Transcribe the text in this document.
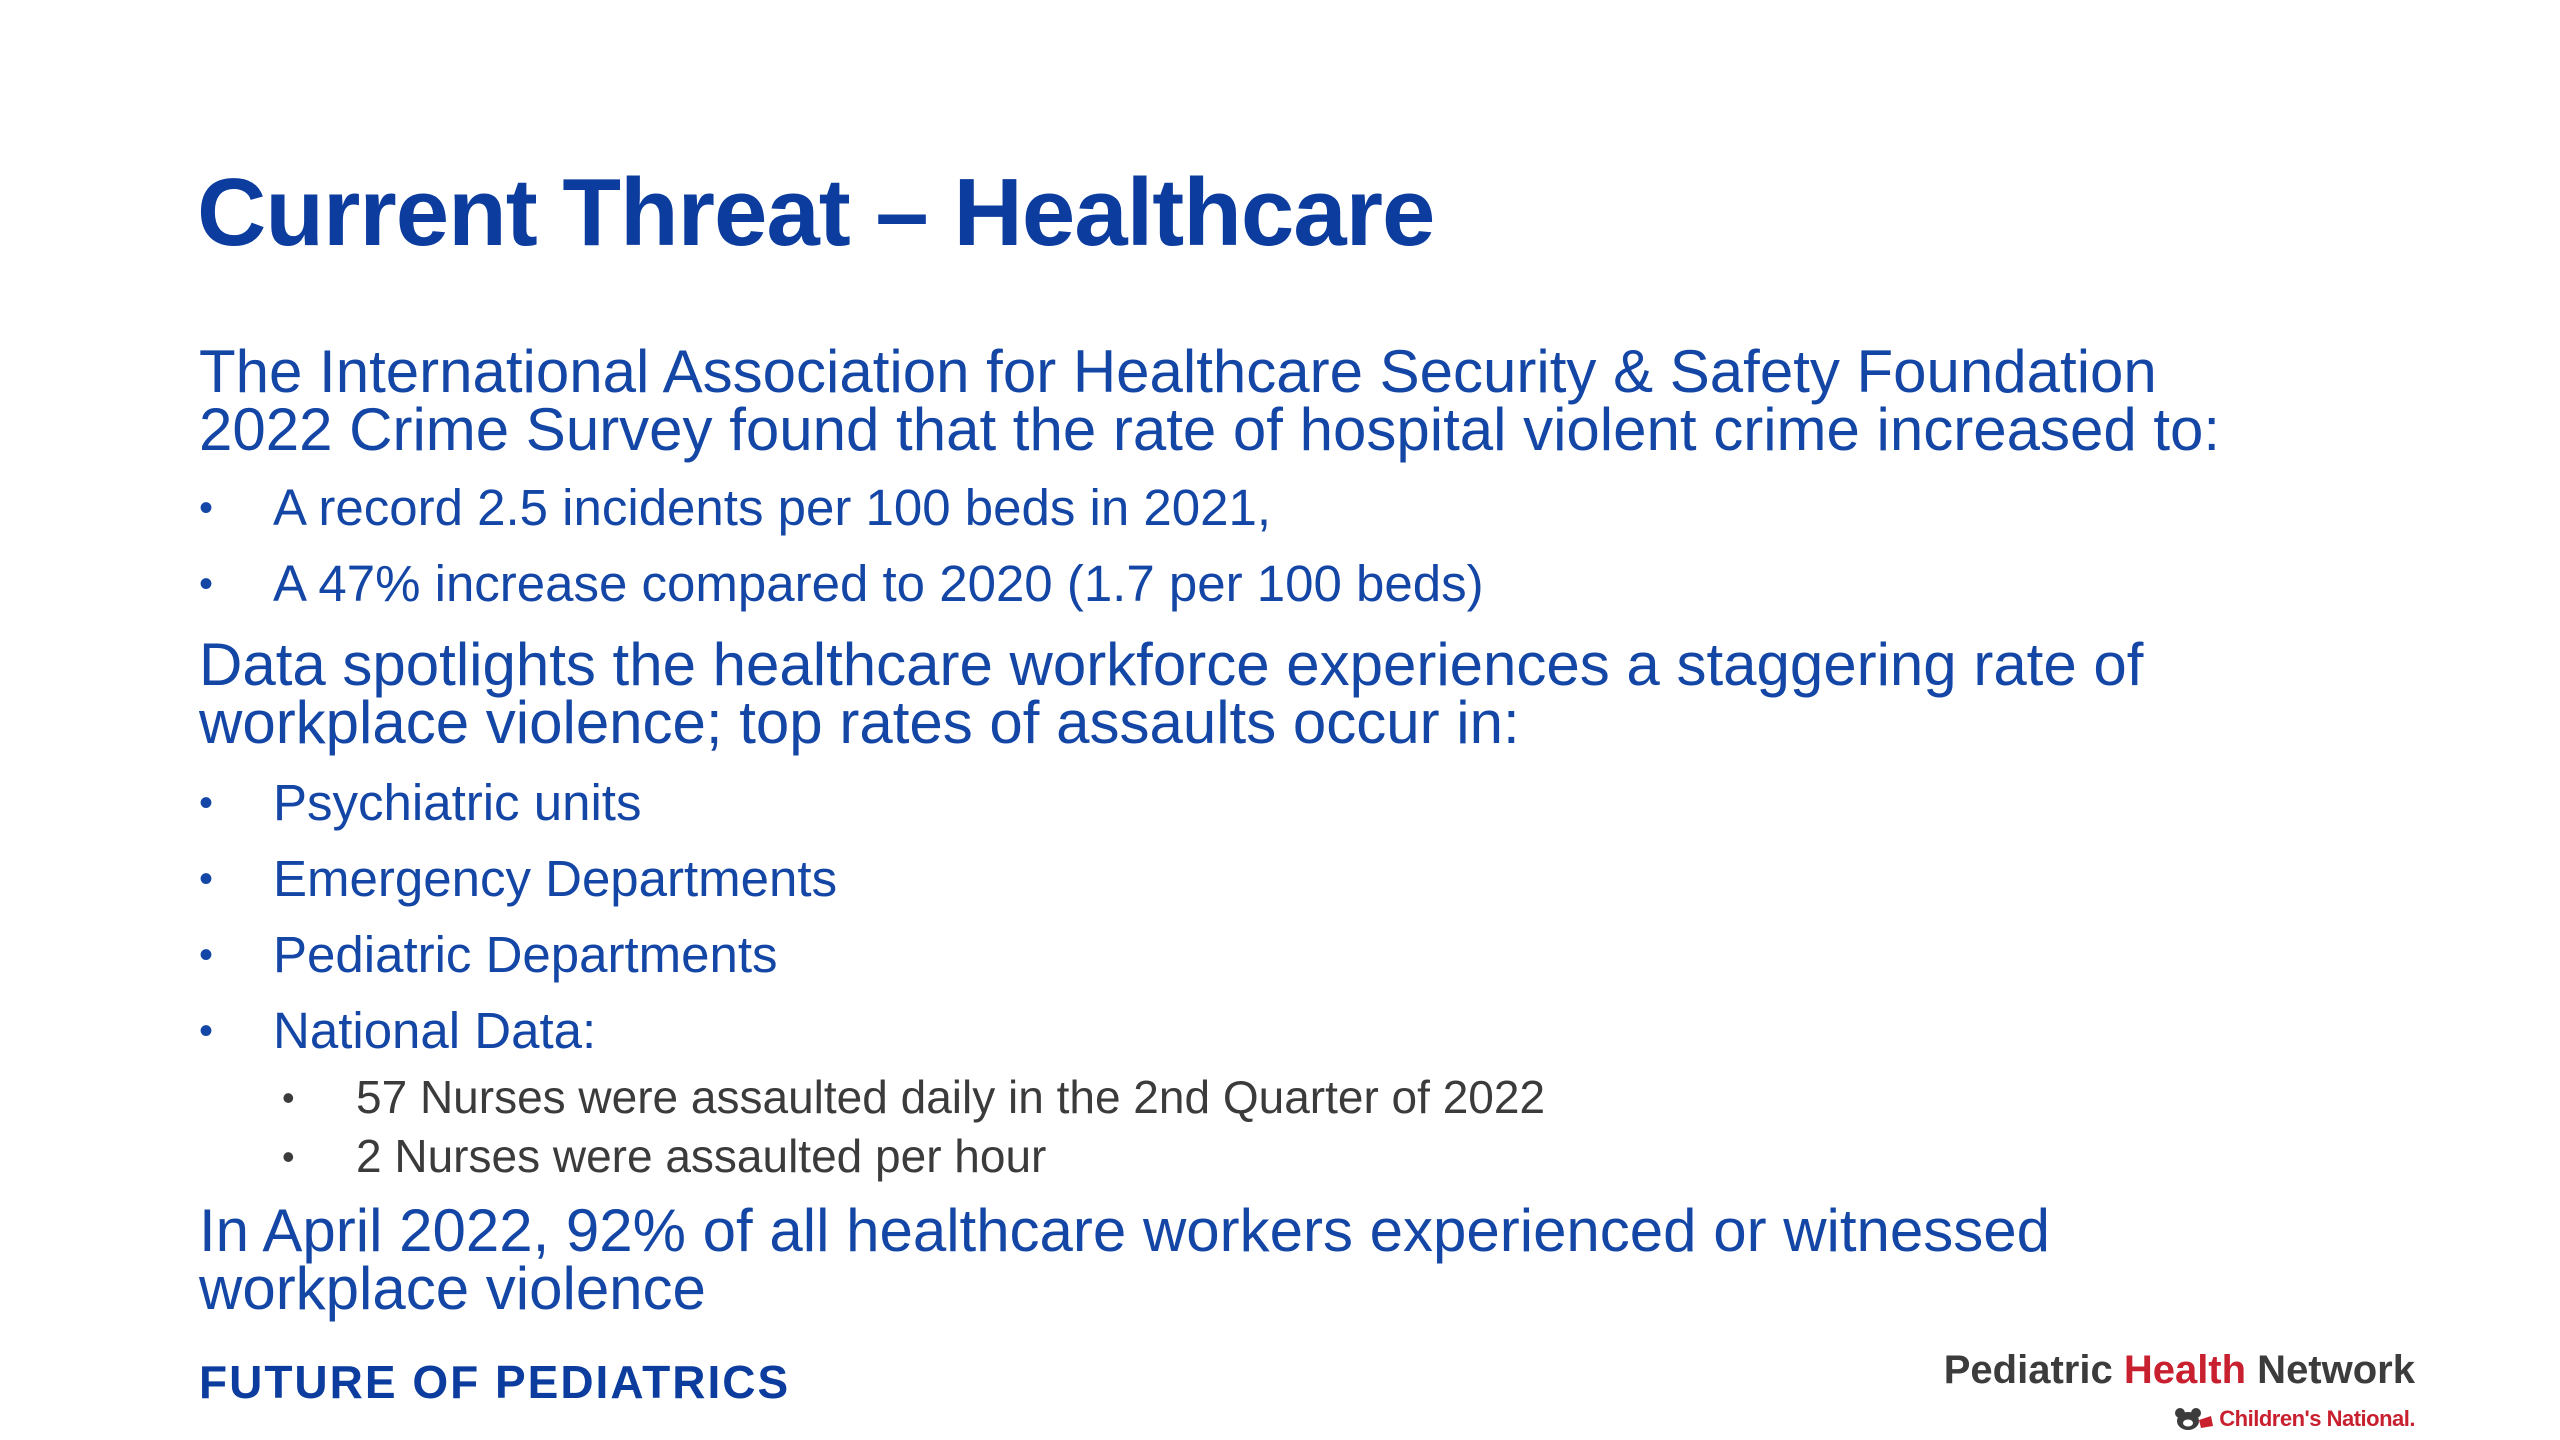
Current Threat – Healthcare
The International Association for Healthcare Security & Safety Foundation
2022 Crime Survey found that the rate of hospital violent crime increased to:
•	A record 2.5 incidents per 100 beds in 2021,
•	A 47% increase compared to 2020 (1.7 per 100 beds)
Data spotlights the healthcare workforce experiences a staggering rate of
workplace violence; top rates of assaults occur in:
•	Psychiatric units
•	Emergency Departments
•	Pediatric Departments
•	National Data:
•	57 Nurses were assaulted daily in the 2nd Quarter of 2022
•	2 Nurses were assaulted per hour
In April 2022, 92% of all healthcare workers experienced or witnessed
workplace violence
FUTURE OF PEDIATRICS	Pediatric Health Network
Children's National.
